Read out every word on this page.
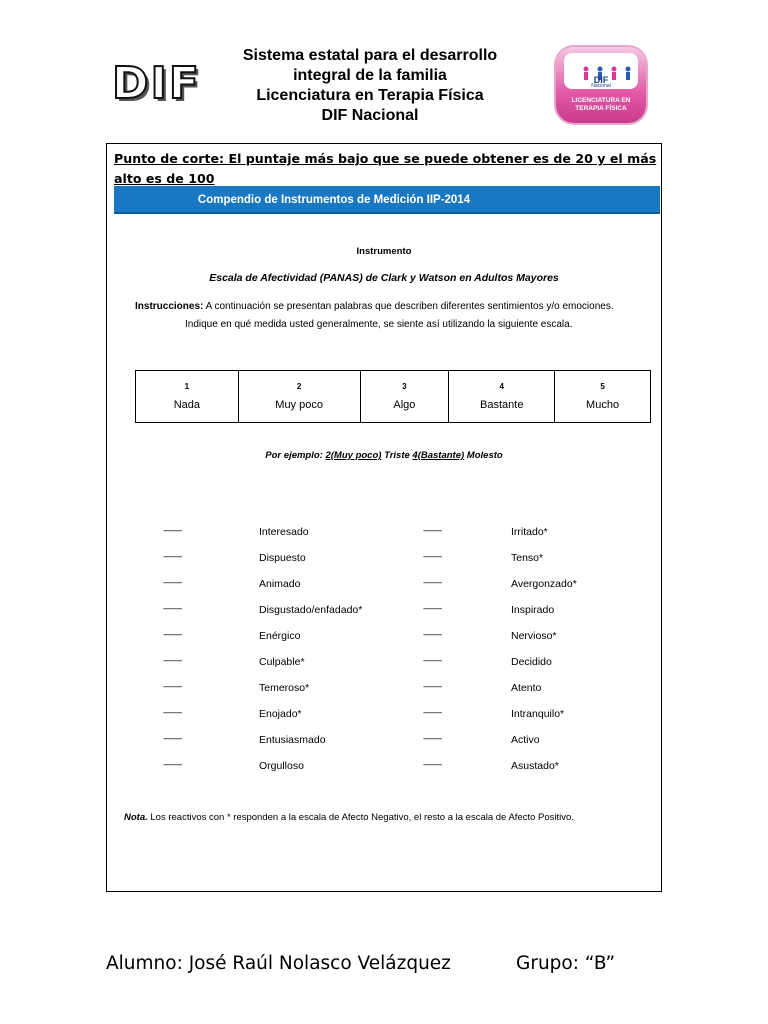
DIF
Sistema estatal para el desarrollo
integral de la familia
Licenciatura en Terapia Física
DIF Nacional
DIF
Nacional
LICENCIATURA EN TERAPIA FÍSICA
Punto de corte: El puntaje más bajo que se puede obtener es de 20 y el más alto es de 100
Compendio de Instrumentos de Medición IIP-2014
Instrumento
Escala de Afectividad (PANAS) de Clark y Watson en Adultos Mayores
Instrucciones: A continuación se presentan palabras que describen diferentes sentimientos y/o emociones.
Indique en qué medida usted generalmente, se siente así utilizando la siguiente escala.
1
Nada	
2
Muy poco	
3
Algo	
4
Bastante	
5
Mucho
Por ejemplo: 2(Muy poco) Triste 4(Bastante) Molesto
-----------	Interesado	-----------	Irritado*
-----------	Dispuesto	-----------	Tenso*
-----------	Animado	-----------	Avergonzado*
-----------	Disgustado/enfadado*	-----------	Inspirado
-----------	Enérgico	-----------	Nervioso*
-----------	Culpable*	-----------	Decidido
-----------	Temeroso*	-----------	Atento
-----------	Enojado*	-----------	Intranquilo*
-----------	Entusiasmado	-----------	Activo
-----------	Orgulloso	-----------	Asustado*
Nota. Los reactivos con * responden a la escala de Afecto Negativo, el resto a la escala de Afecto Positivo.
Alumno: José Raúl Nolasco Velázquez	Grupo: “B”
